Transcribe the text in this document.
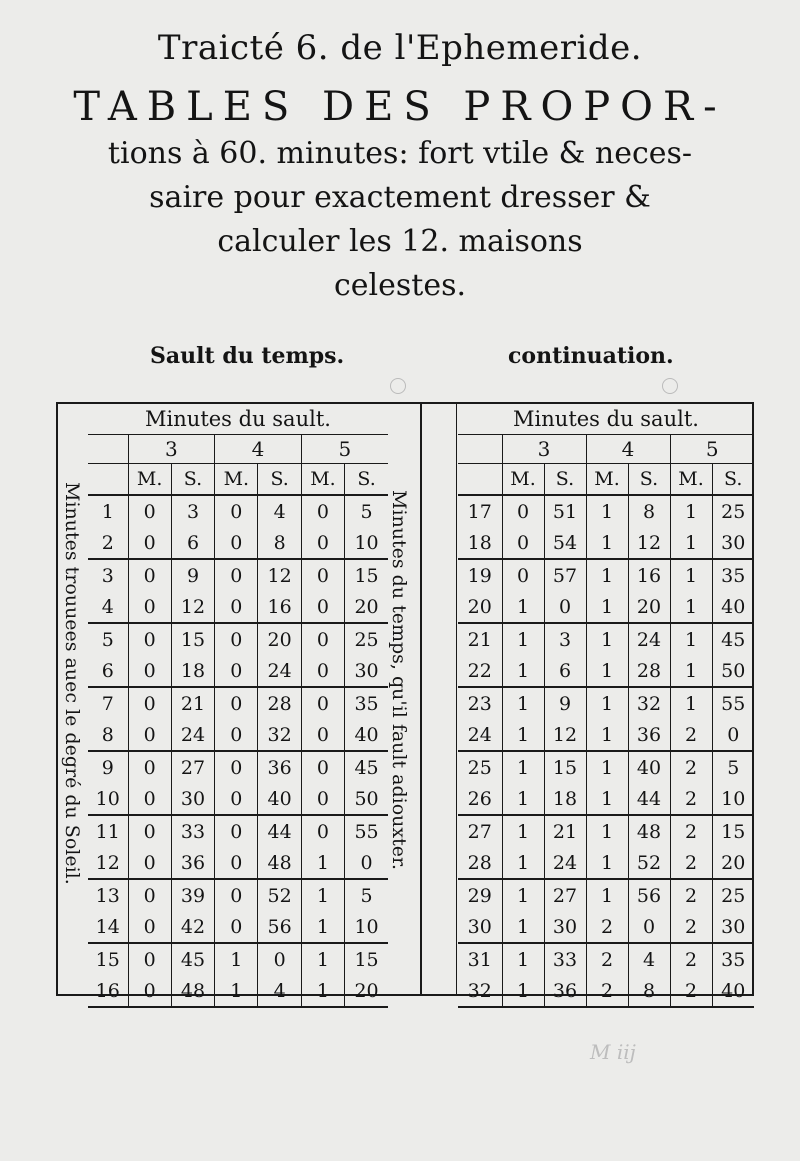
Traicté 6. de l'Ephemeride.
TABLES DES PROPOR-
tions à 60. minutes: fort vtile & neces-
saire pour exactement dresser &
calculer les 12. maisons
celestes.
Sault du temps.	continuation.
Minutes trouuees auec le degré du Soleil.	Minutes du temps, qu'il fault adiouxter.
Minutes du sault.
	3		4		5	
	M.	S.	M.	S.	M.	S.
1	0	3	0	4	0	5
2	0	6	0	8	0	10
3	0	9	0	12	0	15
4	0	12	0	16	0	20
5	0	15	0	20	0	25
6	0	18	0	24	0	30
7	0	21	0	28	0	35
8	0	24	0	32	0	40
9	0	27	0	36	0	45
10	0	30	0	40	0	50
11	0	33	0	44	0	55
12	0	36	0	48	1	0
13	0	39	0	52	1	5
14	0	42	0	56	1	10
15	0	45	1	0	1	15
16	0	48	1	4	1	20
Minutes du sault.
	3		4		5	
	M.	S.	M.	S.	M.	S.
17	0	51	1	8	1	25
18	0	54	1	12	1	30
19	0	57	1	16	1	35
20	1	0	1	20	1	40
21	1	3	1	24	1	45
22	1	6	1	28	1	50
23	1	9	1	32	1	55
24	1	12	1	36	2	0
25	1	15	1	40	2	5
26	1	18	1	44	2	10
27	1	21	1	48	2	15
28	1	24	1	52	2	20
29	1	27	1	56	2	25
30	1	30	2	0	2	30
31	1	33	2	4	2	35
32	1	36	2	8	2	40
M iij
